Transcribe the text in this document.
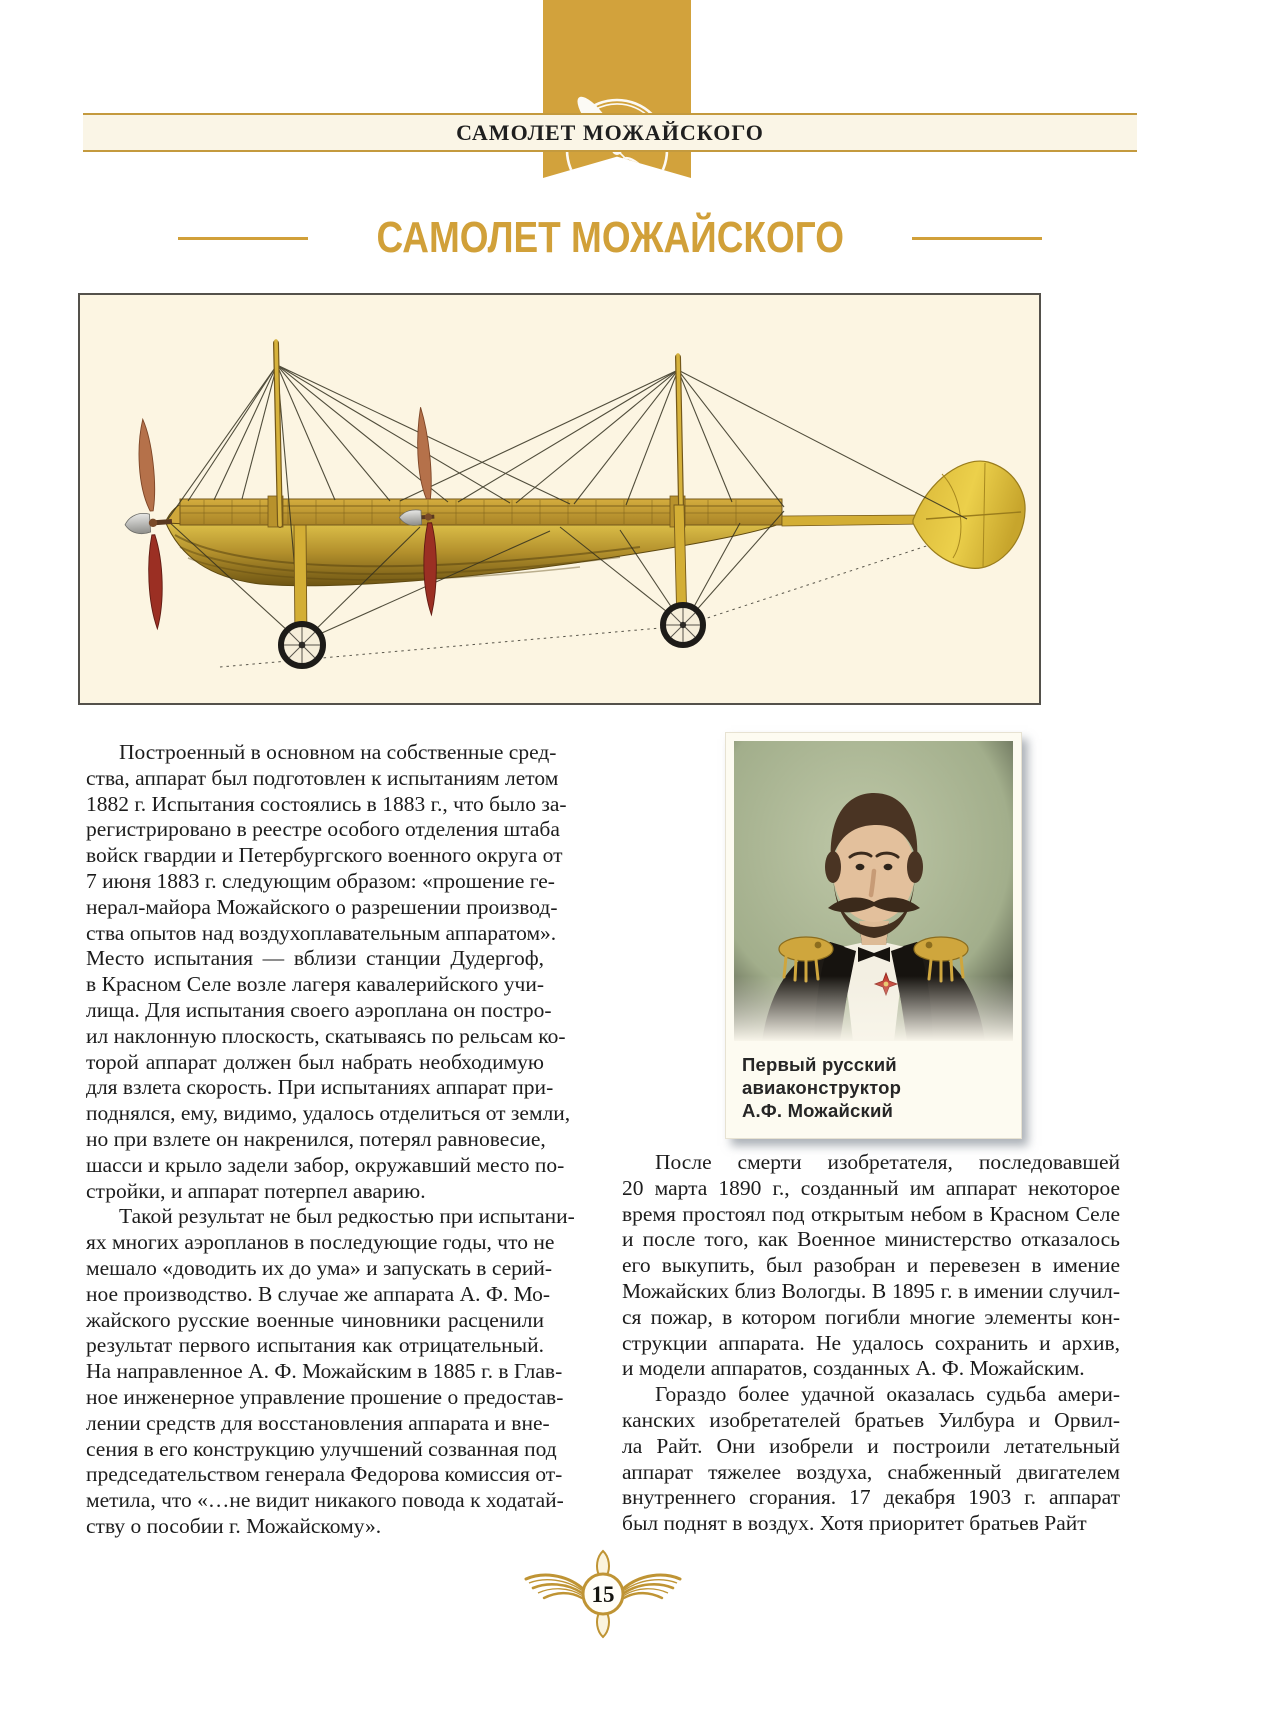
САМОЛЕТ МОЖАЙСКОГО
САМОЛЕТ МОЖАЙСКОГО
Построенный в основном на собственные сред-
ства, аппарат был подготовлен к испытаниям летом
1882 г. Испытания состоялись в 1883 г., что было за-
регистрировано в реестре особого отделения штаба
войск гвардии и Петербургского военного округа от
7 июня 1883 г. следующим образом: «прошение ге-
нерал-майора Можайского о разрешении производ-
ства опытов над воздухоплавательным аппаратом».
Место испытания — вблизи станции Дудергоф,
в Красном Селе возле лагеря кавалерийского учи-
лища. Для испытания своего аэроплана он постро-
ил наклонную плоскость, скатываясь по рельсам ко-
торой аппарат должен был набрать необходимую
для взлета скорость. При испытаниях аппарат при-
поднялся, ему, видимо, удалось отделиться от земли,
но при взлете он накренился, потерял равновесие,
шасси и крыло задели забор, окружавший место по-
стройки, и аппарат потерпел аварию.
Такой результат не был редкостью при испытани-
ях многих аэропланов в последующие годы, что не
мешало «доводить их до ума» и запускать в серий-
ное производство. В случае же аппарата А. Ф. Мо-
жайского русские военные чиновники расценили
результат первого испытания как отрицательный.
На направленное А. Ф. Можайским в 1885 г. в Глав-
ное инженерное управление прошение о предостав-
лении средств для восстановления аппарата и вне-
сения в его конструкцию улучшений созванная под
председательством генерала Федорова комиссия от-
метила, что «…не видит никакого повода к ходатай-
ству о пособии г. Можайскому».
Первый русский авиаконструктор
А.Ф. Можайский
После смерти изобретателя, последовавшей
20 марта 1890 г., созданный им аппарат некоторое
время простоял под открытым небом в Красном Селе
и после того, как Военное министерство отказалось
его выкупить, был разобран и перевезен в имение
Можайских близ Вологды. В 1895 г. в имении случил-
ся пожар, в котором погибли многие элементы кон-
струкции аппарата. Не удалось сохранить и архив,
и модели аппаратов, созданных А. Ф. Можайским.
Гораздо более удачной оказалась судьба амери-
канских изобретателей братьев Уилбура и Орвил-
ла Райт. Они изобрели и построили летательный
аппарат тяжелее воздуха, снабженный двигателем
внутреннего сгорания. 17 декабря 1903 г. аппарат
был поднят в воздух. Хотя приоритет братьев Райт
15
